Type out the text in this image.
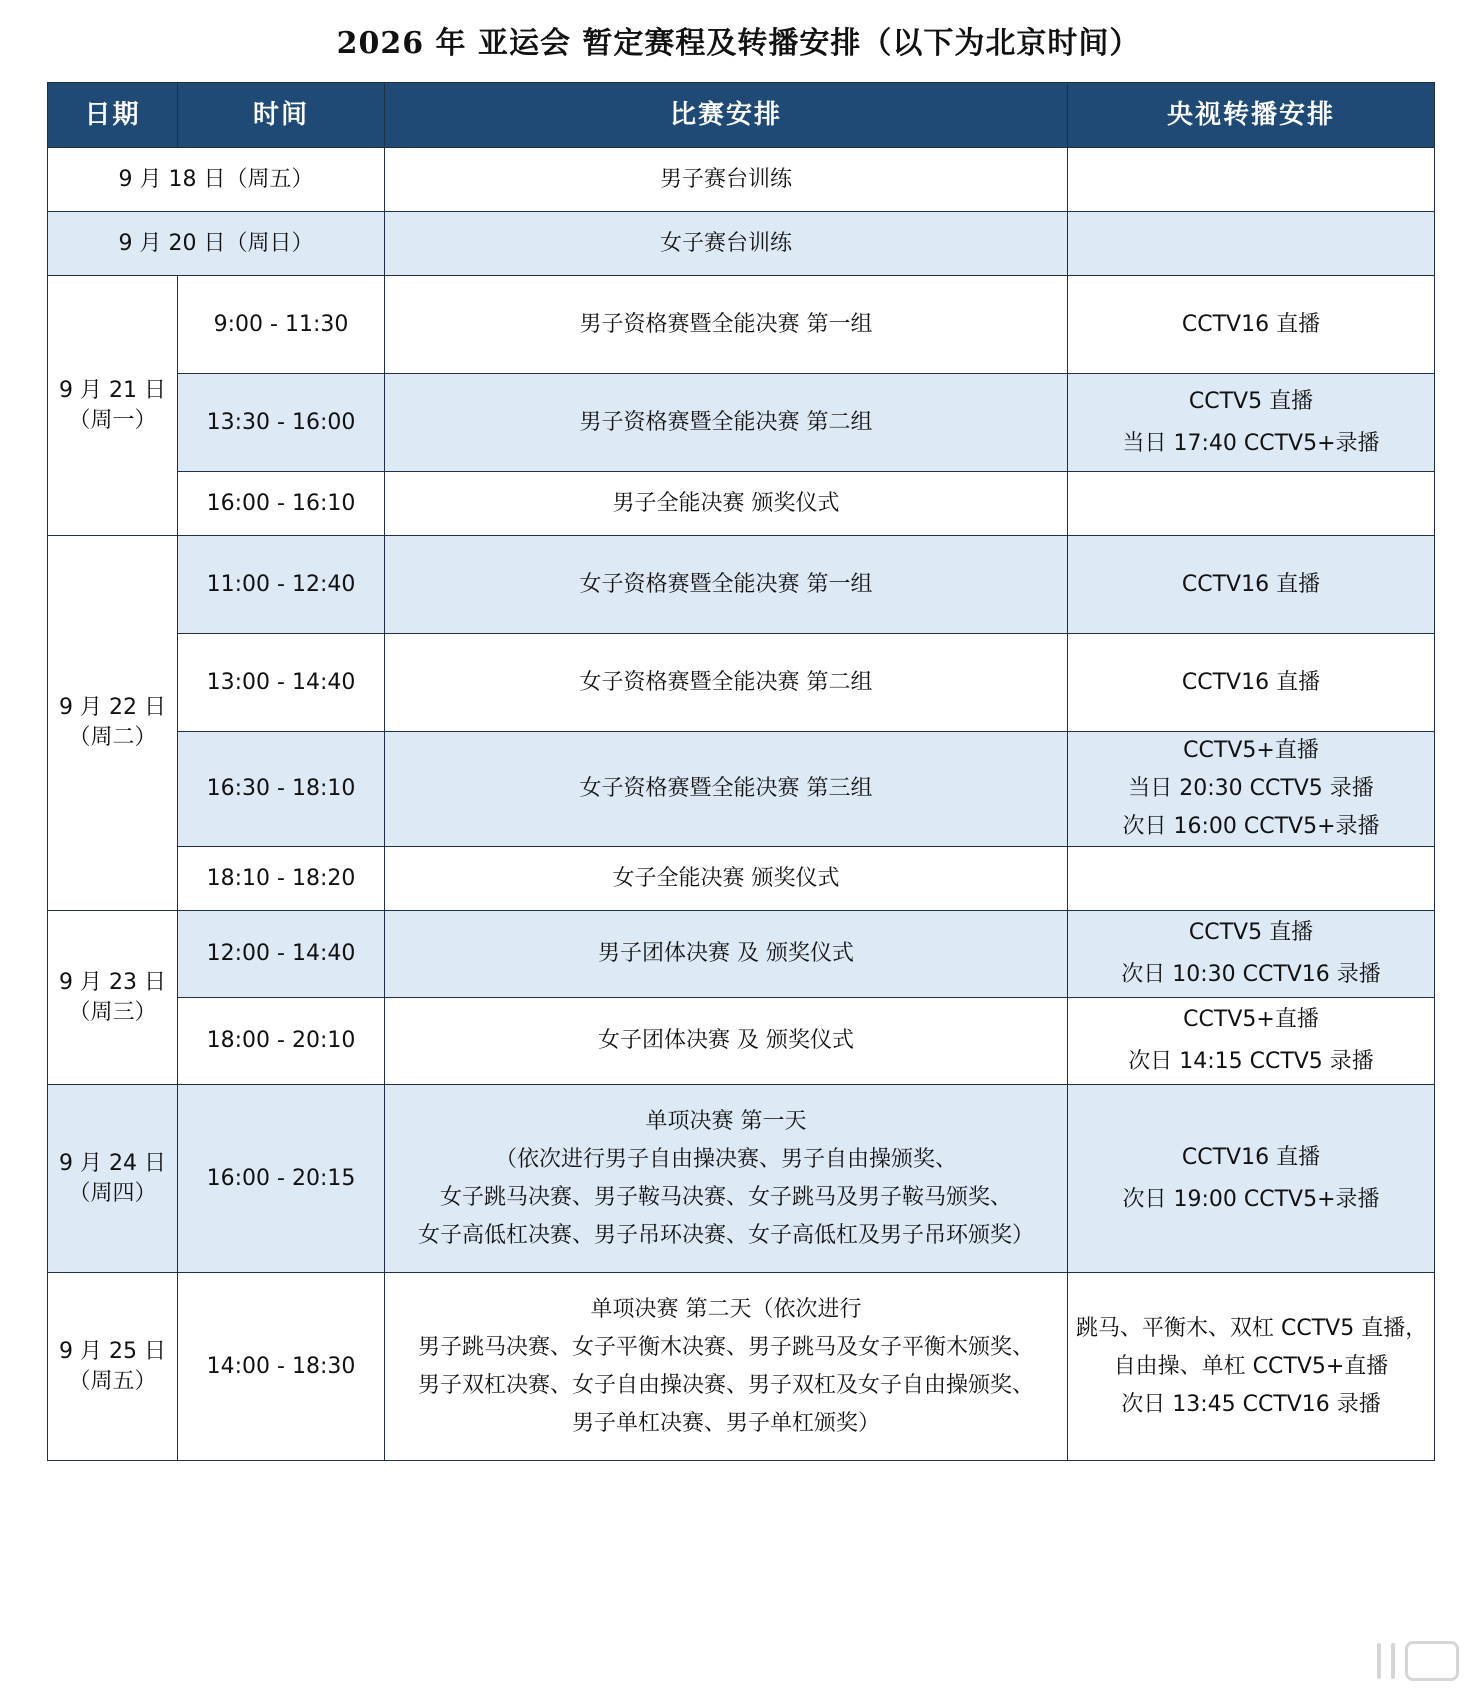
2026 年 亚运会 暂定赛程及转播安排（以下为北京时间）
日期	时间	比赛安排	央视转播安排

9 月 18 日（周五）		男子赛台训练	

9 月 20 日（周日）		女子赛台训练	

9 月 21 日
（周一）	9:00 - 11:30	男子资格赛暨全能决赛 第一组	CCTV16 直播

	13:30 - 16:00	男子资格赛暨全能决赛 第二组	CCTV5 直播
当日 17:40 CCTV5+录播

	16:00 - 16:10	男子全能决赛 颁奖仪式	

9 月 22 日
（周二）	11:00 - 12:40	女子资格赛暨全能决赛 第一组	CCTV16 直播

	13:00 - 14:40	女子资格赛暨全能决赛 第二组	CCTV16 直播

	16:30 - 18:10	女子资格赛暨全能决赛 第三组	CCTV5+直播
当日 20:30 CCTV5 录播
次日 16:00 CCTV5+录播

	18:10 - 18:20	女子全能决赛 颁奖仪式	

9 月 23 日
（周三）	12:00 - 14:40	男子团体决赛 及 颁奖仪式	CCTV5 直播
次日 10:30 CCTV16 录播

	18:00 - 20:10	女子团体决赛 及 颁奖仪式	CCTV5+直播
次日 14:15 CCTV5 录播

9 月 24 日
（周四）	16:00 - 20:15	单项决赛 第一天
（依次进行男子自由操决赛、男子自由操颁奖、
女子跳马决赛、男子鞍马决赛、女子跳马及男子鞍马颁奖、
女子高低杠决赛、男子吊环决赛、女子高低杠及男子吊环颁奖）	CCTV16 直播
次日 19:00 CCTV5+录播

9 月 25 日
（周五）	14:00 - 18:30	单项决赛 第二天（依次进行
男子跳马决赛、女子平衡木决赛、男子跳马及女子平衡木颁奖、
男子双杠决赛、女子自由操决赛、男子双杠及女子自由操颁奖、
男子单杠决赛、男子单杠颁奖）	跳马、平衡木、双杠 CCTV5 直播，
自由操、单杠 CCTV5+直播
次日 13:45 CCTV16 录播
